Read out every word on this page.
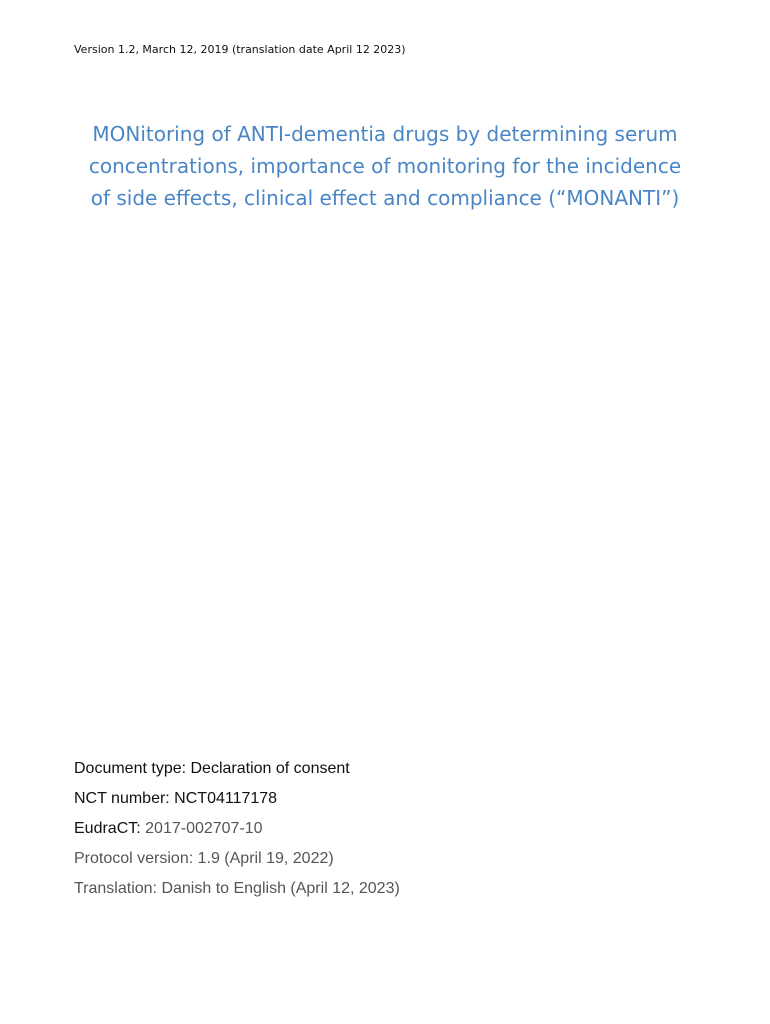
Version 1.2, March 12, 2019 (translation date April 12 2023)
MONitoring of ANTI-dementia drugs by determining serum
concentrations, importance of monitoring for the incidence
of side effects, clinical effect and compliance (“MONANTI”)
Document type: Declaration of consent
NCT number: NCT04117178
EudraCT: 2017-002707-10
Protocol version: 1.9 (April 19, 2022)
Translation: Danish to English (April 12, 2023)
